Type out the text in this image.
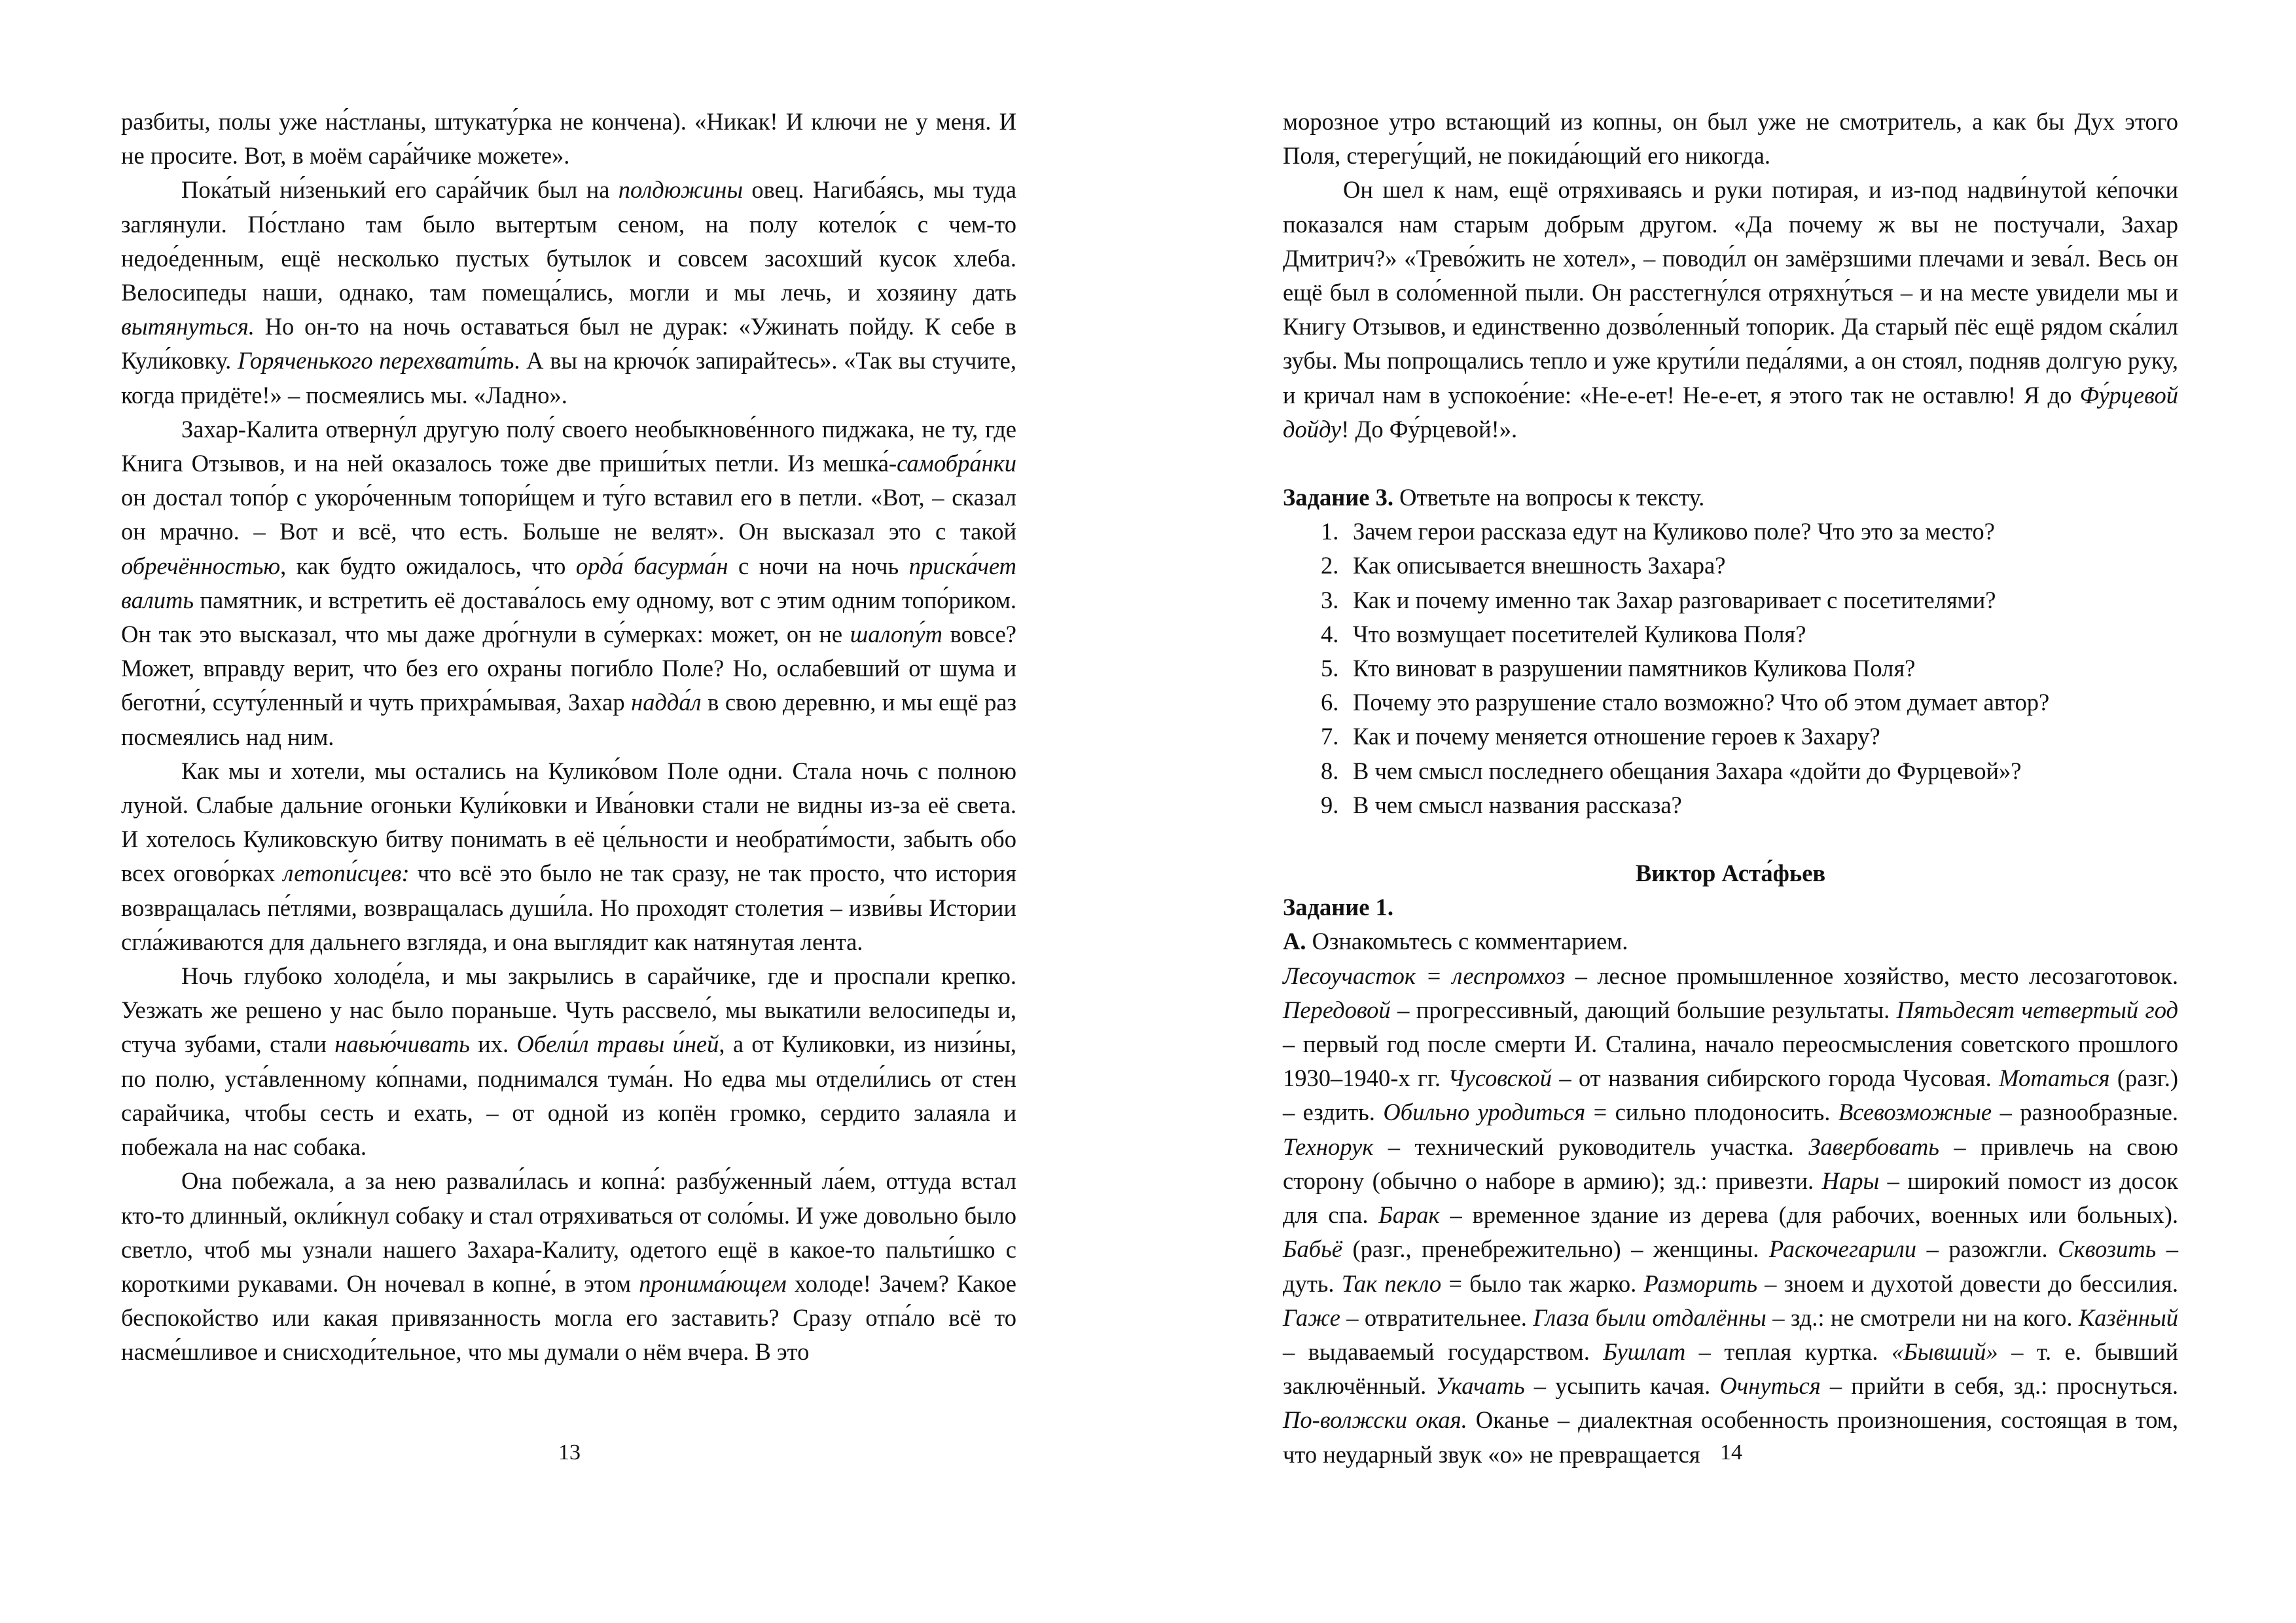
разбиты, полы уже на́стланы, штукату́рка не кончена). «Никак! И ключи не у меня. И не просите. Вот, в моём сара́йчике можете».

Пока́тый ни́зенький его сара́йчик был на полдюжины овец. Нагиба́ясь, мы туда заглянули. По́стлано там было вытертым сеном, на полу котело́к с чем-то недое́денным, ещё несколько пустых бутылок и совсем засохший кусок хлеба. Велосипеды наши, однако, там помеща́лись, могли и мы лечь, и хозяину дать вытянуться. Но он-то на ночь оставаться был не дурак: «Ужинать пойду. К себе в Кули́ковку. Горяченького перехвати́ть. А вы на крючо́к запирайтесь». «Так вы стучите, когда придёте!» – посмеялись мы. «Ладно».

Захар-Калита отверну́л другую полу́ своего необыкнове́нного пиджака, не ту, где Книга Отзывов, и на ней оказалось тоже две приши́тых петли. Из мешка́-самобра́нки он достал топо́р с укоро́ченным топори́щем и ту́го вставил его в петли. «Вот, – сказал он мрачно. – Вот и всё, что есть. Больше не велят». Он высказал это с такой обречённостью, как будто ожидалось, что орда́ басурма́н с ночи на ночь приска́чет валить памятник, и встретить её достава́лось ему одному, вот с этим одним топо́риком. Он так это высказал, что мы даже дро́гнули в су́мерках: может, он не шалопу́т вовсе? Может, вправду верит, что без его охраны погибло Поле? Но, ослабевший от шума и беготни́, ссуту́ленный и чуть прихра́мывая, Захар надда́л в свою деревню, и мы ещё раз посмеялись над ним.

Как мы и хотели, мы остались на Кулико́вом Поле одни. Стала ночь с полною луной. Слабые дальние огоньки Кули́ковки и Ива́новки стали не видны из-за её света. И хотелось Куликовскую битву понимать в её це́льности и необрати́мости, забыть обо всех огово́рках летопи́сцев: что всё это было не так сразу, не так просто, что история возвращалась пе́тлями, возвращалась души́ла. Но проходят столетия – изви́вы Истории сгла́живаются для дальнего взгляда, и она выглядит как натянутая лента.

Ночь глубоко холоде́ла, и мы закрылись в сарайчике, где и проспали крепко. Уезжать же решено у нас было пораньше. Чуть рассвело́, мы выкатили велосипеды и, стуча зубами, стали навью́чивать их. Обели́л травы и́ней, а от Куликовки, из низи́ны, по полю, уста́вленному ко́пнами, поднимался тума́н. Но едва мы отдели́лись от стен сарайчика, чтобы сесть и ехать, – от одной из копён громко, сердито залаяла и побежала на нас собака.

Она побежала, а за нею развали́лась и копна́: разбу́женный ла́ем, оттуда встал кто-то длинный, окли́кнул собаку и стал отряхиваться от соло́мы. И уже довольно было светло, чтоб мы узнали нашего Захара-Калиту, одетого ещё в какое-то пальти́шко с короткими рукавами. Он ночевал в копне́, в этом пронима́ющем холоде! Зачем? Какое беспокойство или какая привязанность могла его заставить? Сразу отпа́ло всё то насме́шливое и снисходи́тельное, что мы думали о нём вчера. В это

13

морозное утро встающий из копны, он был уже не смотритель, а как бы Дух этого Поля, стерегу́щий, не покида́ющий его никогда.

Он шел к нам, ещё отряхиваясь и руки потирая, и из-под надви́нутой ке́почки показался нам старым добрым другом. «Да почему ж вы не постучали, Захар Дмитрич?» «Трево́жить не хотел», – поводи́л он замёрзшими плечами и зева́л. Весь он ещё был в соло́менной пыли. Он расстегну́лся отряхну́ться – и на месте увидели мы и Книгу Отзывов, и единственно дозво́ленный топорик. Да старый пёс ещё рядом ска́лил зубы. Мы попрощались тепло и уже крути́ли педа́лями, а он стоял, подняв долгую руку, и кричал нам в успокое́ние: «Не-е-ет! Не-е-ет, я этого так не оставлю! Я до Фу́рцевой дойду! До Фу́рцевой!».

Задание 3. Ответьте на вопросы к тексту.

1. Зачем герои рассказа едут на Куликово поле? Что это за место?
2. Как описывается внешность Захара?
3. Как и почему именно так Захар разговаривает с посетителями?
4. Что возмущает посетителей Куликова Поля?
5. Кто виноват в разрушении памятников Куликова Поля?
6. Почему это разрушение стало возможно? Что об этом думает автор?
7. Как и почему меняется отношение героев к Захару?
8. В чем смысл последнего обещания Захара «дойти до Фурцевой»?
9. В чем смысл названия рассказа?

Виктор Аста́фьев

Задание 1.

А. Ознакомьтесь с комментарием.

Лесоучасток = леспромхоз – лесное промышленное хозяйство, место лесозаготовок. Передовой – прогрессивный, дающий большие результаты. Пятьдесят четвертый год – первый год после смерти И. Сталина, начало переосмысления советского прошлого 1930–1940-х гг. Чусовской – от названия сибирского города Чусовая. Мотаться (разг.) – ездить. Обильно уродиться = сильно плодоносить. Всевозможные – разнообразные. Технорук – технический руководитель участка. Завербовать – привлечь на свою сторону (обычно о наборе в армию); зд.: привезти. Нары – широкий помост из досок для спа. Барак – временное здание из дерева (для рабочих, военных или больных). Бабьё (разг., пренебрежительно) – женщины. Раскочегарили – разожгли. Сквозить – дуть. Так пекло = было так жарко. Разморить – зноем и духотой довести до бессилия. Гаже – отвратительнее. Глаза были отдалённы – зд.: не смотрели ни на кого. Казённый – выдаваемый государством. Бушлат – теплая куртка. «Бывший» – т. е. бывший заключённый. Укачать – усыпить качая. Очнуться – прийти в себя, зд.: проснуться. По-волжски окая. Оканье – диалектная особенность произношения, состоящая в том, что неударный звук «о» не превращается 14
